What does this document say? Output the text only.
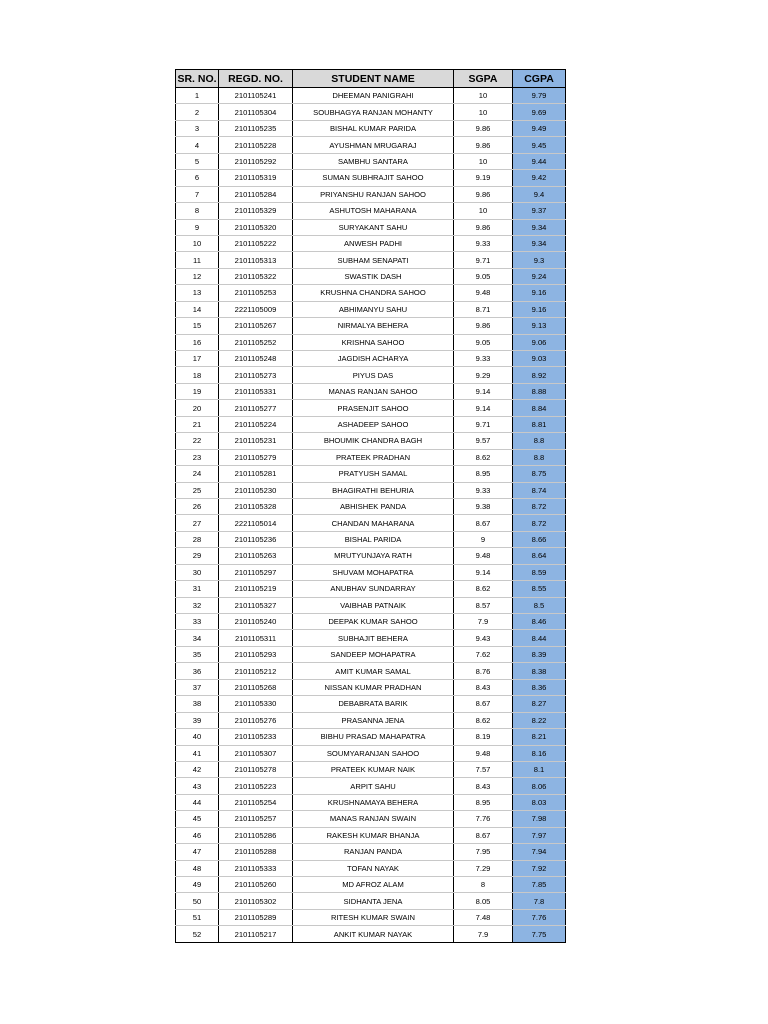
SR. NO.	REGD. NO.	STUDENT NAME	SGPA	CGPA
1	2101105241	DHEEMAN PANIGRAHI	10	9.79
2	2101105304	SOUBHAGYA RANJAN MOHANTY	10	9.69
3	2101105235	BISHAL KUMAR PARIDA	9.86	9.49
4	2101105228	AYUSHMAN MRUGARAJ	9.86	9.45
5	2101105292	SAMBHU SANTARA	10	9.44
6	2101105319	SUMAN SUBHRAJIT SAHOO	9.19	9.42
7	2101105284	PRIYANSHU RANJAN SAHOO	9.86	9.4
8	2101105329	ASHUTOSH MAHARANA	10	9.37
9	2101105320	SURYAKANT SAHU	9.86	9.34
10	2101105222	ANWESH PADHI	9.33	9.34
11	2101105313	SUBHAM SENAPATI	9.71	9.3
12	2101105322	SWASTIK DASH	9.05	9.24
13	2101105253	KRUSHNA CHANDRA SAHOO	9.48	9.16
14	2221105009	ABHIMANYU SAHU	8.71	9.16
15	2101105267	NIRMALYA BEHERA	9.86	9.13
16	2101105252	KRISHNA SAHOO	9.05	9.06
17	2101105248	JAGDISH ACHARYA	9.33	9.03
18	2101105273	PIYUS DAS	9.29	8.92
19	2101105331	MANAS RANJAN SAHOO	9.14	8.88
20	2101105277	PRASENJIT SAHOO	9.14	8.84
21	2101105224	ASHADEEP SAHOO	9.71	8.81
22	2101105231	BHOUMIK CHANDRA BAGH	9.57	8.8
23	2101105279	PRATEEK PRADHAN	8.62	8.8
24	2101105281	PRATYUSH SAMAL	8.95	8.75
25	2101105230	BHAGIRATHI BEHURIA	9.33	8.74
26	2101105328	ABHISHEK PANDA	9.38	8.72
27	2221105014	CHANDAN MAHARANA	8.67	8.72
28	2101105236	BISHAL PARIDA	9	8.66
29	2101105263	MRUTYUNJAYA RATH	9.48	8.64
30	2101105297	SHUVAM MOHAPATRA	9.14	8.59
31	2101105219	ANUBHAV SUNDARRAY	8.62	8.55
32	2101105327	VAIBHAB PATNAIK	8.57	8.5
33	2101105240	DEEPAK KUMAR SAHOO	7.9	8.46
34	2101105311	SUBHAJIT BEHERA	9.43	8.44
35	2101105293	SANDEEP MOHAPATRA	7.62	8.39
36	2101105212	AMIT KUMAR SAMAL	8.76	8.38
37	2101105268	NISSAN KUMAR PRADHAN	8.43	8.36
38	2101105330	DEBABRATA BARIK	8.67	8.27
39	2101105276	PRASANNA JENA	8.62	8.22
40	2101105233	BIBHU PRASAD MAHAPATRA	8.19	8.21
41	2101105307	SOUMYARANJAN SAHOO	9.48	8.16
42	2101105278	PRATEEK KUMAR NAIK	7.57	8.1
43	2101105223	ARPIT SAHU	8.43	8.06
44	2101105254	KRUSHNAMAYA BEHERA	8.95	8.03
45	2101105257	MANAS RANJAN SWAIN	7.76	7.98
46	2101105286	RAKESH KUMAR BHANJA	8.67	7.97
47	2101105288	RANJAN PANDA	7.95	7.94
48	2101105333	TOFAN NAYAK	7.29	7.92
49	2101105260	MD AFROZ ALAM	8	7.85
50	2101105302	SIDHANTA JENA	8.05	7.8
51	2101105289	RITESH KUMAR SWAIN	7.48	7.76
52	2101105217	ANKIT KUMAR NAYAK	7.9	7.75
